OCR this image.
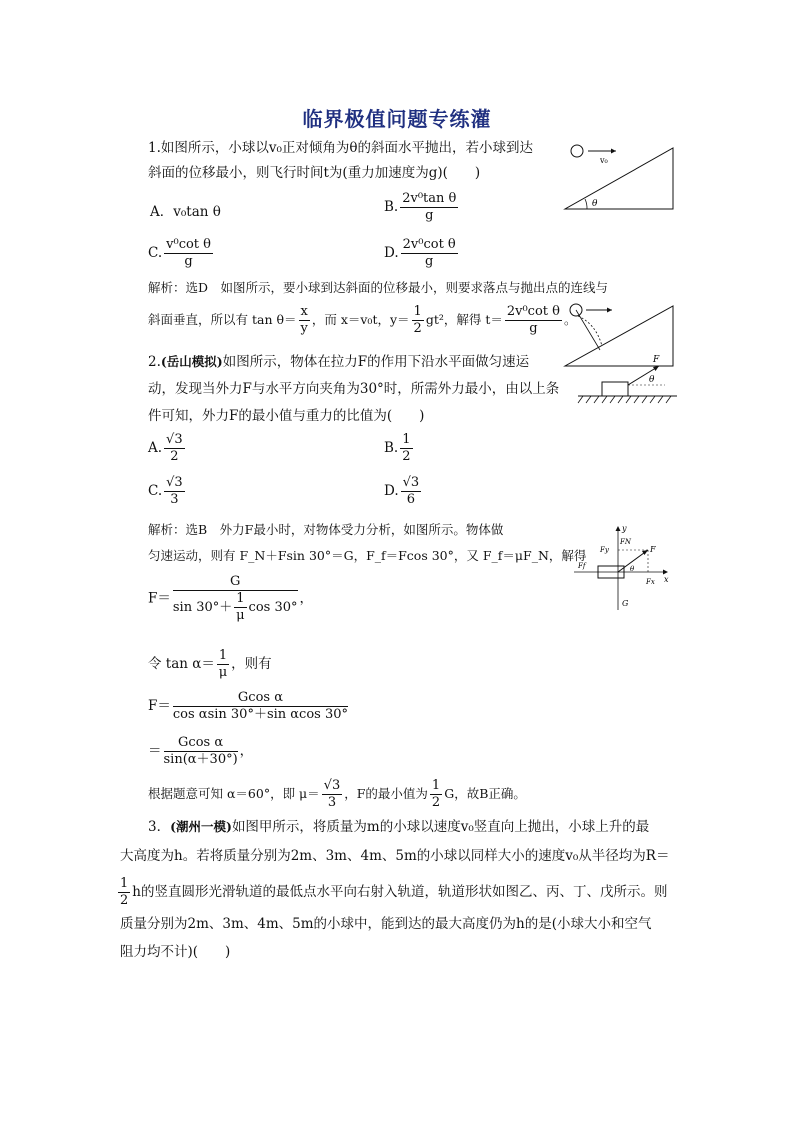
临界极值问题专练灌
1.如图所示，小球以v₀正对倾角为θ的斜面水平抛出，若小球到达
斜面的位移最小，则飞行时间t为(重力加速度为g)(　　)
v₀
θ
A．v₀tan θ	B. $\frac{\text{2v⁰tan θ}}{g}$
C. $\frac{\text{v⁰cot θ}}{g}$	D. $\frac{\text{2v⁰cot θ}}{g}$
解析：选D　如图所示，要小球到达斜面的位移最小，则要求落点与抛出点的连线与
斜面垂直，所以有 $\tan \theta= \frac{x}{y}$ ，而 x＝v₀t，$y= \frac{1}{2} gt^2$，解得 $t= \frac{\text{2v⁰cot θ}}{g}$ 。
2.(岳山模拟)如图所示，物体在拉力F的作用下沿水平面做匀速运
动，发现当外力F与水平方向夹角为30°时，所需外力最小，由以上条
件可知，外力F的最小值与重力的比值为(　　)
F
θ
A. $\frac{√3}{2}$	B. $\frac{1}{2}$
C. $\frac{√3}{3}$	D. $\frac{√3}{6}$
解析：选B　外力F最小时，对物体受力分析，如图所示。物体做
匀速运动，则有 F_N＋Fsin 30°＝G，F_f＝Fcos 30°，又 F_f＝μF_N，解得
y
x
F
Fy
FN
Ff
Fx
G
θ
$F= \frac{G}{\sin 30^\circ+ \frac{1}{\mu} \cos 30^\circ}$ ，
令 $\tan \alpha= \frac{1}{\mu}$ ，则有
$F= \frac{\text{Gcos α}}{\text{cos αsin 30°＋sin αcos 30°}}$
＝ $\frac{\text{Gcos α}}{\sin(\alpha+30^\circ)}$ ，
根据题意可知 α＝60°，即 $\mu= \frac{√3}{3}$ ，F的最小值为 $\frac{1}{2}$ G，故B正确。
3．(潮州一模)如图甲所示，将质量为m的小球以速度v₀竖直向上抛出，小球上升的最
大高度为h。若将质量分别为2m、3m、4m、5m的小球以同样大小的速度v₀从半径均为R＝
$\frac{1}{2}$ h的竖直圆形光滑轨道的最低点水平向右射入轨道，轨道形状如图乙、丙、丁、戊所示。则
质量分别为2m、3m、4m、5m的小球中，能到达的最大高度仍为h的是(小球大小和空气
阻力均不计)(　　)
